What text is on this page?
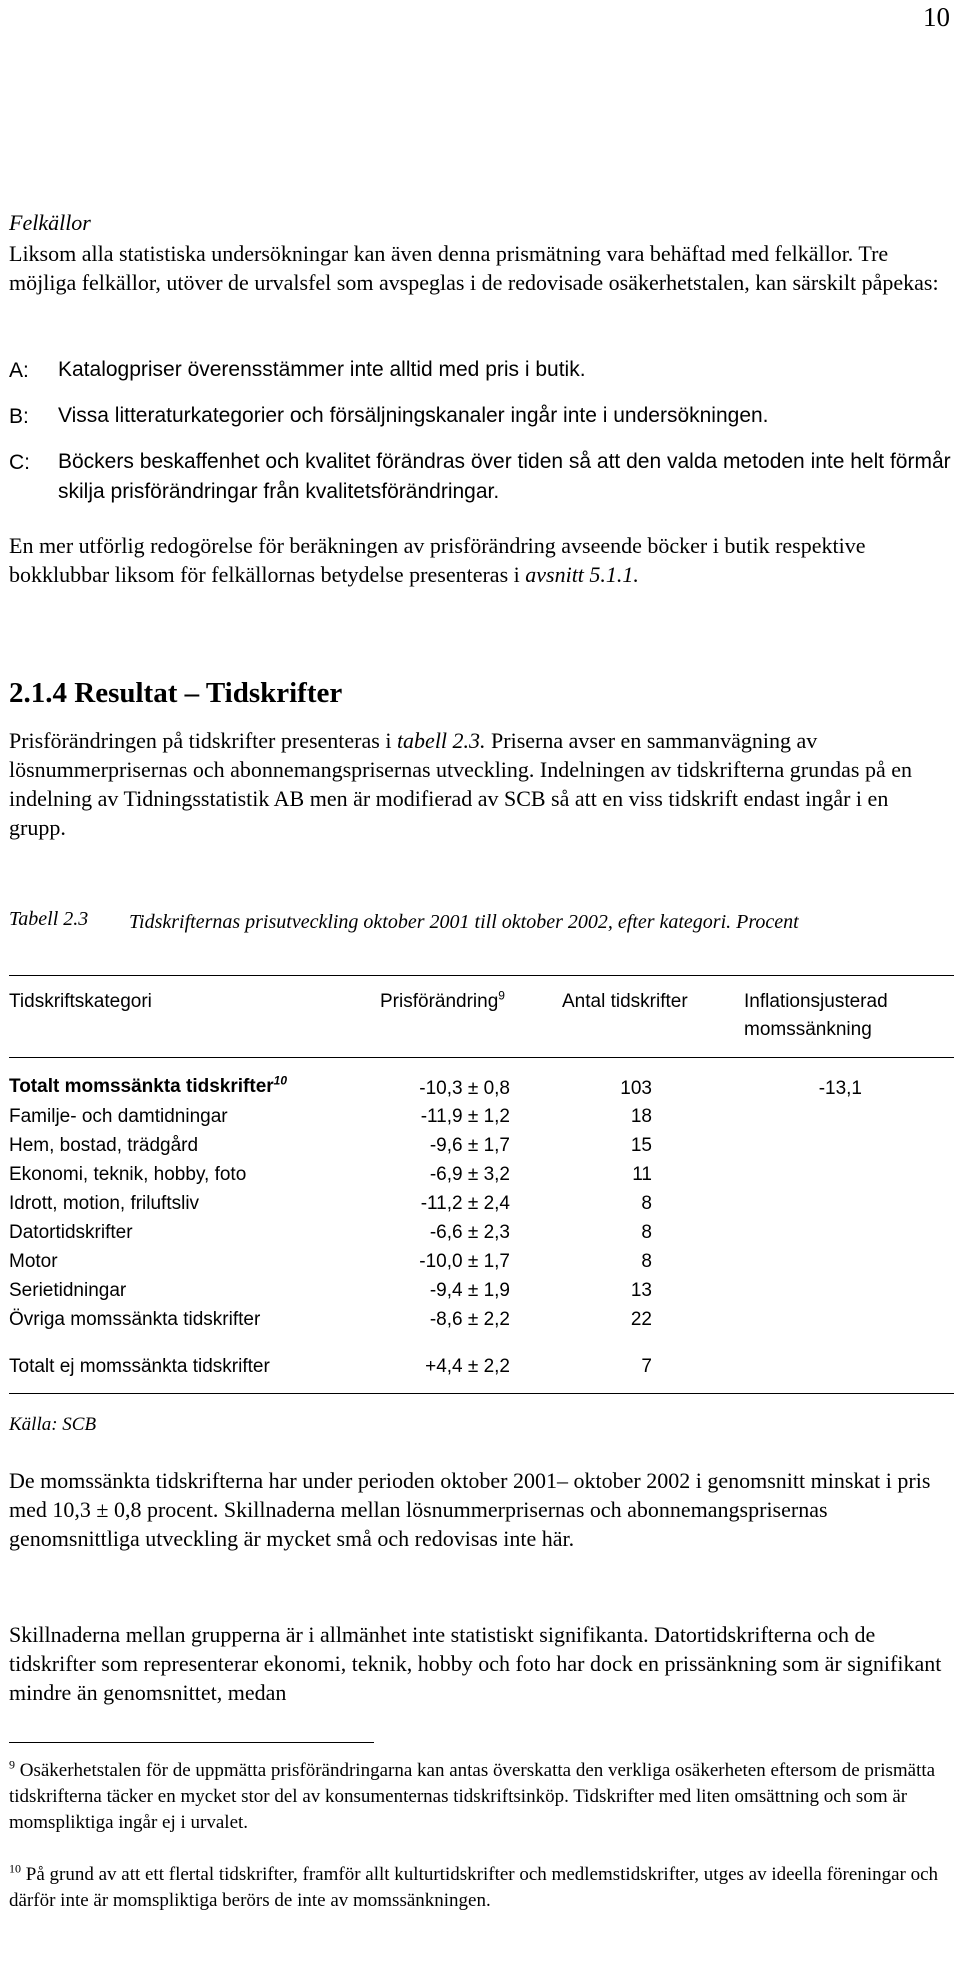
10
Felkällor
Liksom alla statistiska undersökningar kan även denna prismätning vara behäftad med felkällor. Tre möjliga felkällor, utöver de urvalsfel som avspeglas i de redovisade osäkerhetstalen, kan särskilt påpekas:
A: Katalogpriser överensstämmer inte alltid med pris i butik.
B: Vissa litteraturkategorier och försäljningskanaler ingår inte i undersökningen.
C: Böckers beskaffenhet och kvalitet förändras över tiden så att den valda metoden inte helt förmår skilja prisförändringar från kvalitetsförändringar.
En mer utförlig redogörelse för beräkningen av prisförändring avseende böcker i butik respektive bokklubbar liksom för felkällornas betydelse presenteras i avsnitt 5.1.1.
2.1.4 Resultat – Tidskrifter
Prisförändringen på tidskrifter presenteras i tabell 2.3. Priserna avser en sammanvägning av lösnummerprisernas och abonnemangsprisernas utveckling. Indelningen av tidskrifterna grundas på en indelning av Tidningsstatistik AB men är modifierad av SCB så att en viss tidskrift endast ingår i en grupp.
Tabell 2.3 Tidskrifternas prisutveckling oktober 2001 till oktober 2002, efter kategori. Procent
Tidskriftskategori	Prisförändring$^9$	Antal tidskrifter	Inflationsjusterad momssänkning
Totalt momssänkta tidskrifter$^{10}$	-10,3 ± 0,8	103	-13,1
Familje- och damtidningar	-11,9 ± 1,2	18
Hem, bostad, trädgård	-9,6 ± 1,7	15
Ekonomi, teknik, hobby, foto	-6,9 ± 3,2	11
Idrott, motion, friluftsliv	-11,2 ± 2,4	8
Datortidskrifter	-6,6 ± 2,3	8
Motor	-10,0 ± 1,7	8
Serietidningar	-9,4 ± 1,9	13
Övriga momssänkta tidskrifter	-8,6 ± 2,2	22
Totalt ej momssänkta tidskrifter	+4,4 ± 2,2	7
Källa: SCB
De momssänkta tidskrifterna har under perioden oktober 2001– oktober 2002 i genomsnitt minskat i pris med 10,3 ± 0,8 procent. Skillnaderna mellan lösnummerprisernas och abonnemangsprisernas genomsnittliga utveckling är mycket små och redovisas inte här.
Skillnaderna mellan grupperna är i allmänhet inte statistiskt signifikanta. Datortidskrifterna och de tidskrifter som representerar ekonomi, teknik, hobby och foto har dock en prissänkning som är signifikant mindre än genomsnittet, medan
$^9$ Osäkerhetstalen för de uppmätta prisförändringarna kan antas överskatta den verkliga osäkerheten eftersom de prismätta tidskrifterna täcker en mycket stor del av konsumenternas tidskriftsinköp. Tidskrifter med liten omsättning och som är momspliktiga ingår ej i urvalet.
$^{10}$ På grund av att ett flertal tidskrifter, framför allt kulturtidskrifter och medlemstidskrifter, utges av ideella föreningar och därför inte är momspliktiga berörs de inte av momssänkningen.
